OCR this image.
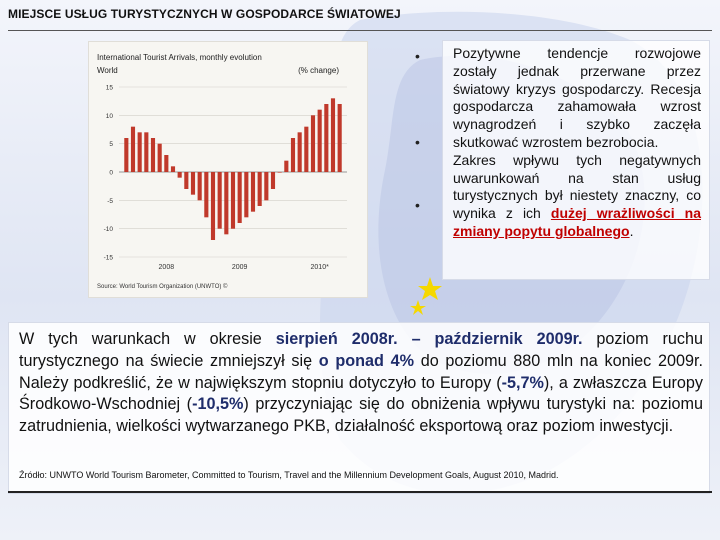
MIEJSCE USŁUG TURYSTYCZNYCH W GOSPODARCE ŚWIATOWEJ
International Tourist Arrivals, monthly evolution
World	(% change)
15
10
5
0
-5
-10
-15
2008	2009	2010*
Source: World Tourism Organization (UNWTO) ©
•
•
•

Pozytywne tendencje rozwojowe zostały jednak przerwane przez światowy kryzys gospodarczy. Recesja gospodarcza zahamowała wzrost wynagrodzeń i szybko zaczęła skutkować wzrostem bezrobocia.

Zakres wpływu tych negatywnych uwarunkowań na stan usług turystycznych był niestety znaczny, co wynika z ich dużej wrażliwości na zmiany popytu globalnego.

W tych warunkach w okresie sierpień 2008r. – październik 2009r. poziom ruchu turystycznego na świecie zmniejszył się o ponad 4% do poziomu 880 mln na koniec 2009r. Należy podkreślić, że w największym stopniu dotyczyło to Europy (-5,7%), a zwłaszcza Europy Środkowo-Wschodniej (-10,5%) przyczyniając się do obniżenia wpływu turystyki na: poziomu zatrudnienia, wielkości wytwarzanego PKB, działalność eksportową oraz poziom inwestycji.
Źródło: UNWTO World Tourism Barometer, Committed to Tourism, Travel and the Millennium Development Goals, August 2010, Madrid.
